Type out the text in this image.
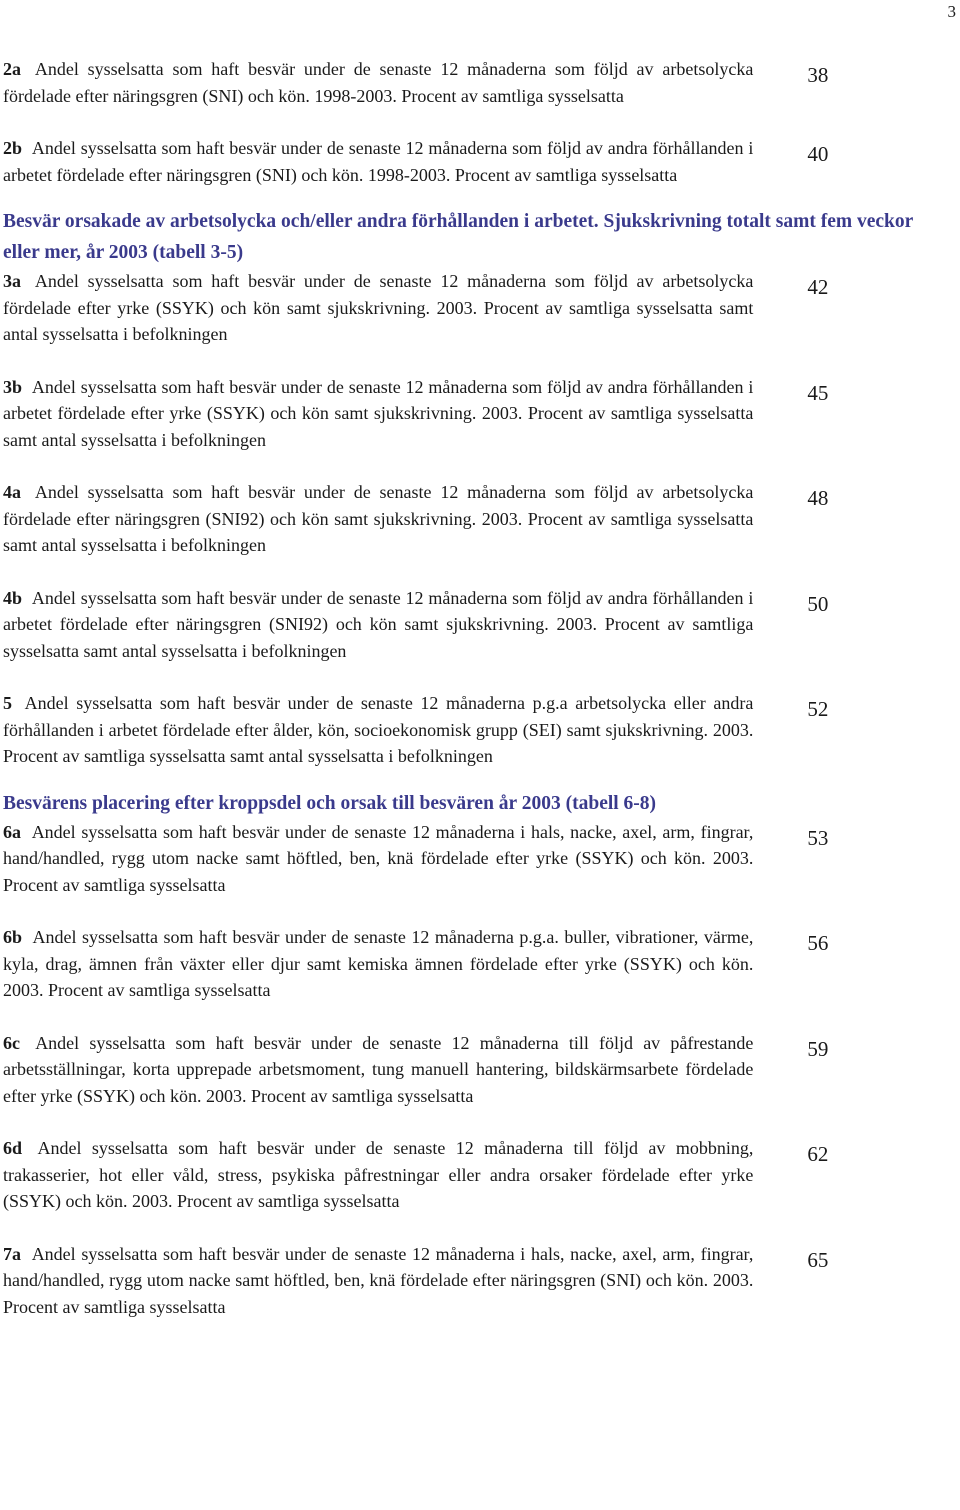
3
2a Andel sysselsatta som haft besvär under de senaste 12 månaderna som följd av arbetsolycka fördelade efter näringsgren (SNI) och kön. 1998-2003. Procent av samtliga sysselsatta
38
2b Andel sysselsatta som haft besvär under de senaste 12 månaderna som följd av andra förhållanden i arbetet fördelade efter näringsgren (SNI) och kön. 1998-2003. Procent av samtliga sysselsatta
40
Besvär orsakade av arbetsolycka och/eller andra förhållanden i arbetet. Sjukskrivning totalt samt fem veckor eller mer, år 2003 (tabell 3-5)
3a Andel sysselsatta som haft besvär under de senaste 12 månaderna som följd av arbetsolycka fördelade efter yrke (SSYK) och kön samt sjukskrivning. 2003. Procent av samtliga sysselsatta samt antal sysselsatta i befolkningen
42
3b Andel sysselsatta som haft besvär under de senaste 12 månaderna som följd av andra förhållanden i arbetet fördelade efter yrke (SSYK) och kön samt sjukskrivning. 2003. Procent av samtliga sysselsatta samt antal sysselsatta i befolkningen
45
4a Andel sysselsatta som haft besvär under de senaste 12 månaderna som följd av arbetsolycka fördelade efter näringsgren (SNI92) och kön samt sjukskrivning. 2003. Procent av samtliga sysselsatta samt antal sysselsatta i befolkningen
48
4b Andel sysselsatta som haft besvär under de senaste 12 månaderna som följd av andra förhållanden i arbetet fördelade efter näringsgren (SNI92) och kön samt sjukskrivning. 2003. Procent av samtliga sysselsatta samt antal sysselsatta i befolkningen
50
5 Andel sysselsatta som haft besvär under de senaste 12 månaderna p.g.a arbetsolycka eller andra förhållanden i arbetet fördelade efter ålder, kön, socioekonomisk grupp (SEI) samt sjukskrivning. 2003. Procent av samtliga sysselsatta samt antal sysselsatta i befolkningen
52
Besvärens placering efter kroppsdel och orsak till besvären år 2003 (tabell 6-8)
6a Andel sysselsatta som haft besvär under de senaste 12 månaderna i hals, nacke, axel, arm, fingrar, hand/handled, rygg utom nacke samt höftled, ben, knä fördelade efter yrke (SSYK) och kön. 2003. Procent av samtliga sysselsatta
53
6b Andel sysselsatta som haft besvär under de senaste 12 månaderna p.g.a. buller, vibrationer, värme, kyla, drag, ämnen från växter eller djur samt kemiska ämnen fördelade efter yrke (SSYK) och kön. 2003. Procent av samtliga sysselsatta
56
6c Andel sysselsatta som haft besvär under de senaste 12 månaderna till följd av påfrestande arbetsställningar, korta upprepade arbetsmoment, tung manuell hantering, bildskärmsarbete fördelade efter yrke (SSYK) och kön. 2003. Procent av samtliga sysselsatta
59
6d Andel sysselsatta som haft besvär under de senaste 12 månaderna till följd av mobbning, trakasserier, hot eller våld, stress, psykiska påfrestningar eller andra orsaker fördelade efter yrke (SSYK) och kön. 2003. Procent av samtliga sysselsatta
62
7a Andel sysselsatta som haft besvär under de senaste 12 månaderna i hals, nacke, axel, arm, fingrar, hand/handled, rygg utom nacke samt höftled, ben, knä fördelade efter näringsgren (SNI) och kön. 2003. Procent av samtliga sysselsatta
65
